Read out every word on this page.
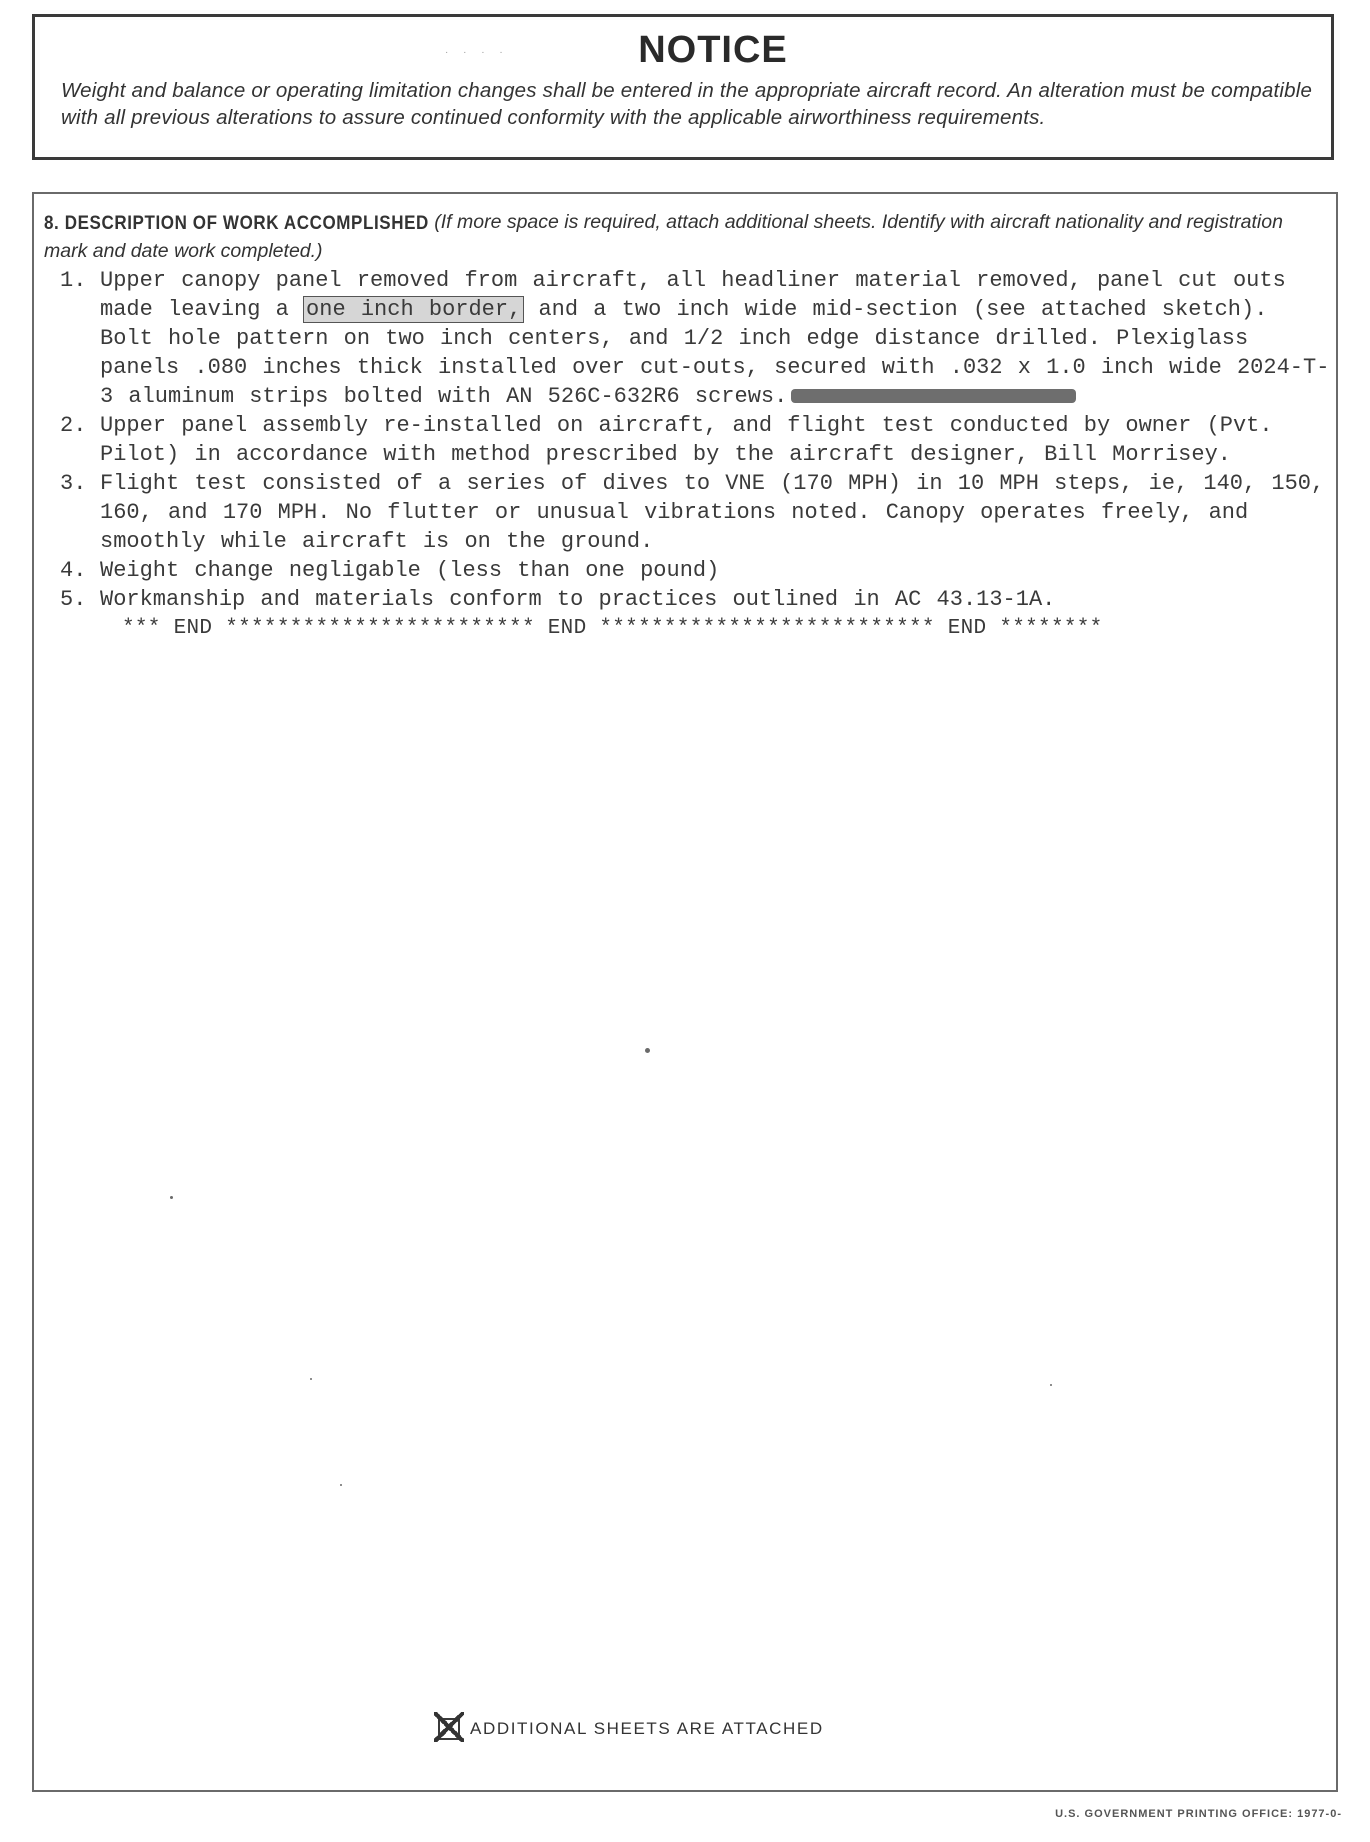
· · · ·	NOTICE
Weight and balance or operating limitation changes shall be entered in the appropriate aircraft record. An alteration must be compatible with all previous alterations to assure continued conformity with the applicable airworthiness requirements.
8. DESCRIPTION OF WORK ACCOMPLISHED (If more space is required, attach additional sheets. Identify with aircraft nationality and registration mark and date work completed.)
1. Upper canopy panel removed from aircraft, all headliner material removed, panel cut outs made leaving a one inch border, and a two inch wide mid-section (see attached sketch). Bolt hole pattern on two inch centers, and 1/2 inch edge distance drilled. Plexiglass panels .080 inches thick installed over cut-outs, secured with .032 x 1.0 inch wide 2024-T-3 aluminum strips bolted with AN 526C-632R6 screws.
2. Upper panel assembly re-installed on aircraft, and flight test conducted by owner (Pvt. Pilot) in accordance with method prescribed by the aircraft designer, Bill Morrisey.
3. Flight test consisted of a series of dives to VNE (170 MPH) in 10 MPH steps, ie, 140, 150, 160, and 170 MPH. No flutter or unusual vibrations noted. Canopy operates freely, and smoothly while aircraft is on the ground.
4. Weight change negligable (less than one pound)
5. Workmanship and materials conform to practices outlined in AC 43.13-1A.
*** END ************************ END ************************** END ********
ADDITIONAL SHEETS ARE ATTACHED
U.S. GOVERNMENT PRINTING OFFICE: 1977-0-
